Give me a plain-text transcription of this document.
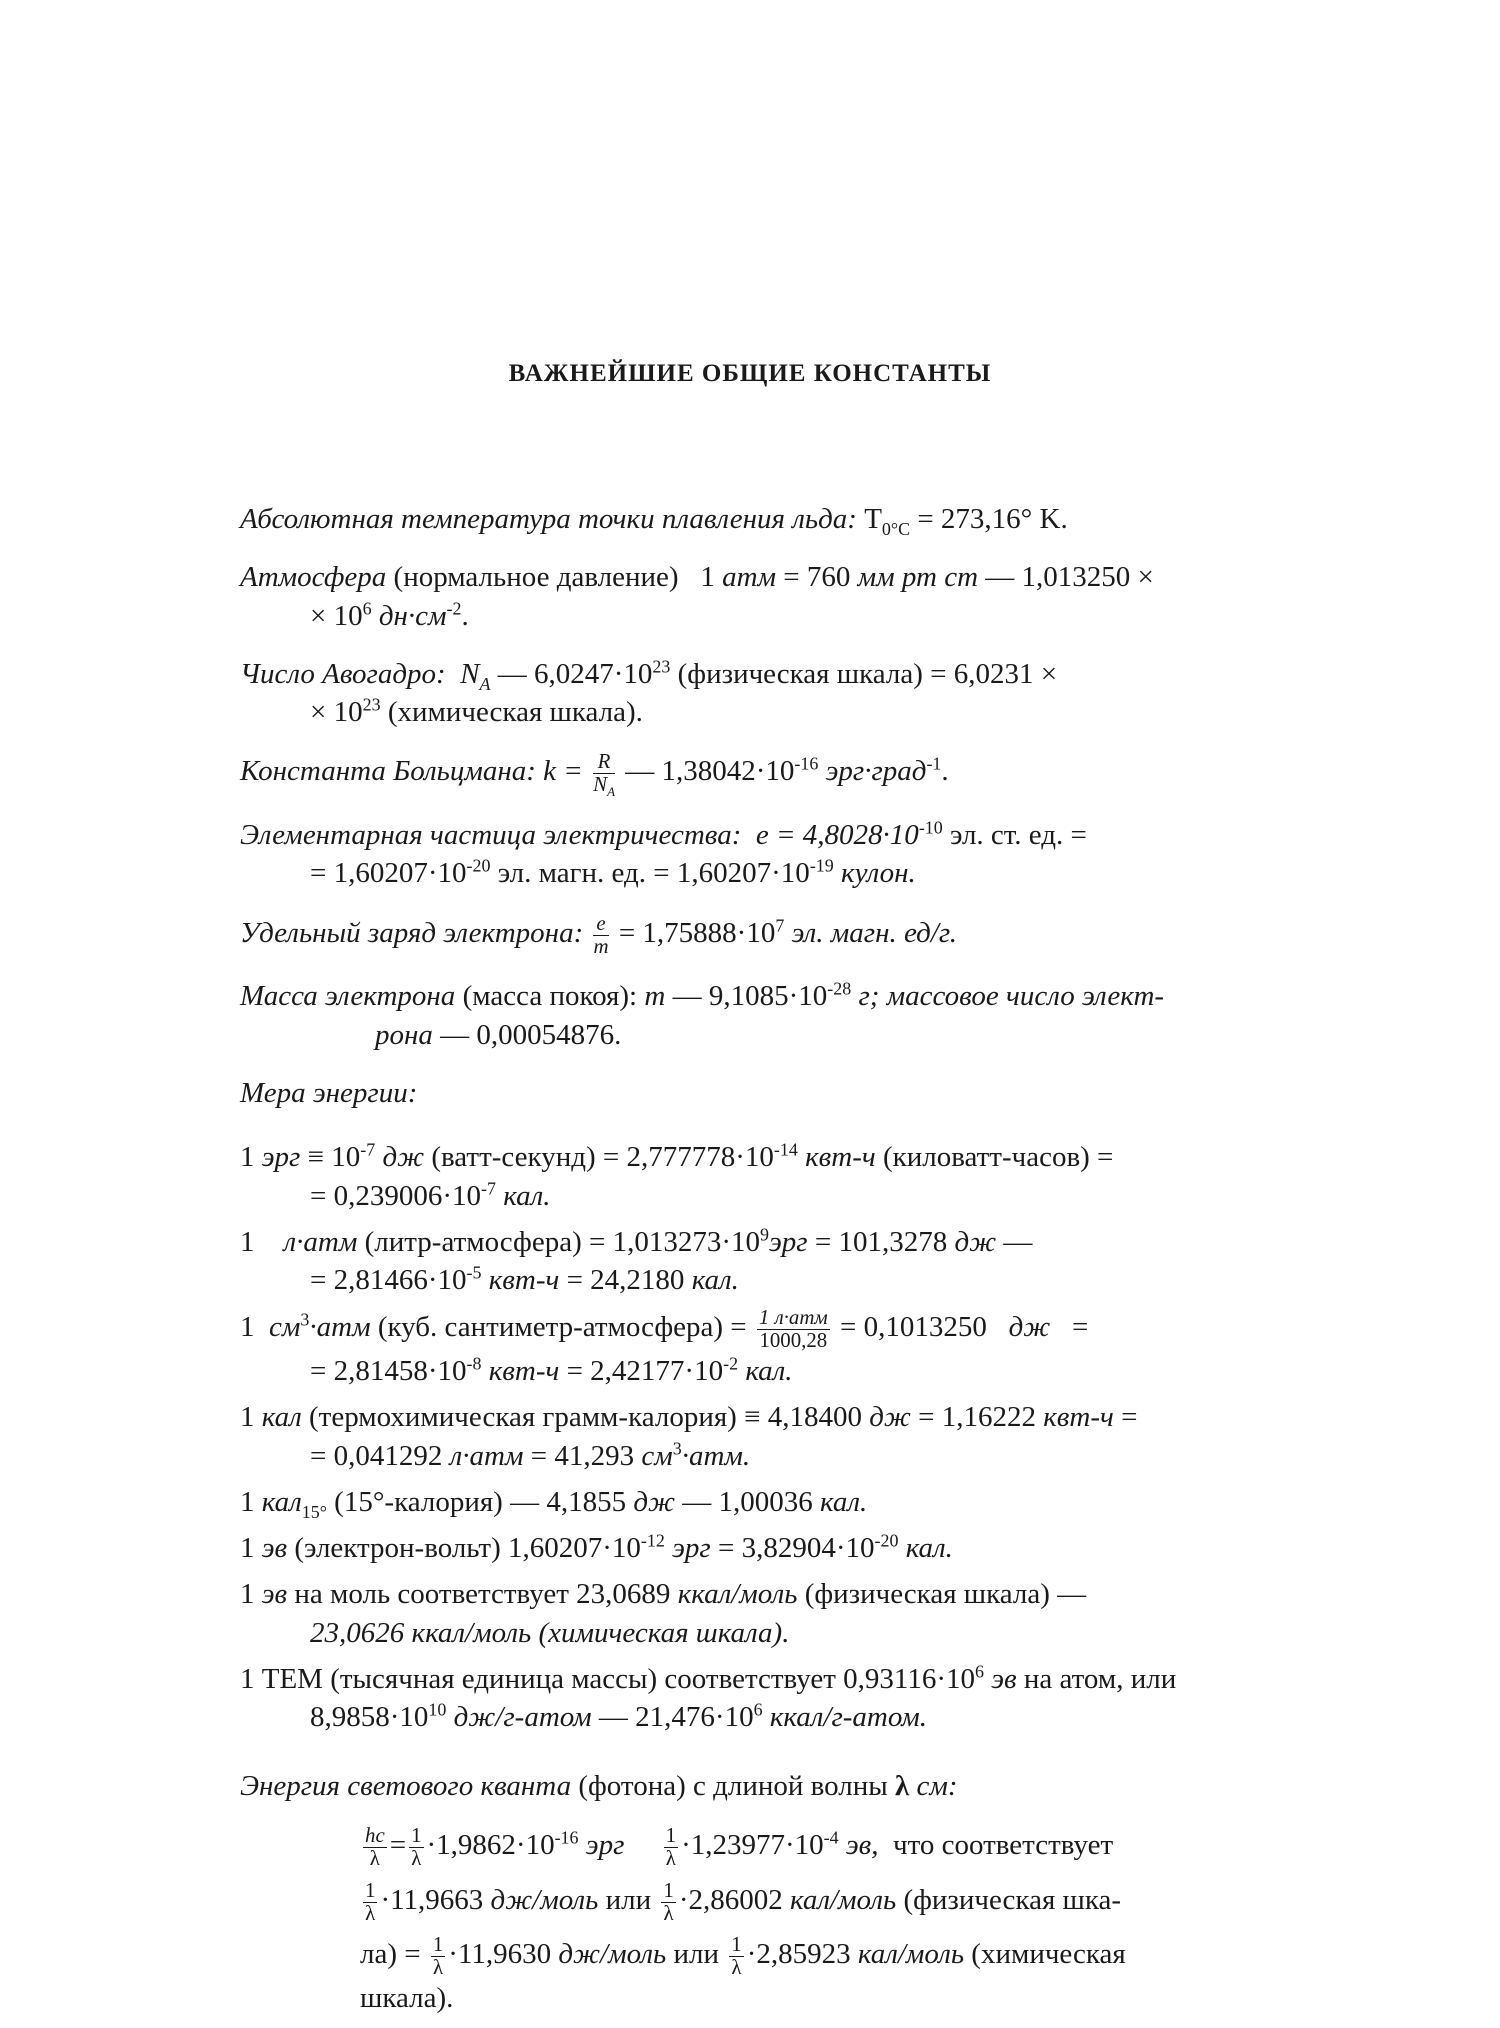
ВАЖНЕЙШИЕ ОБЩИЕ КОНСТАНТЫ
Абсолютная температура точки плавления льда: $T_{0^\circ C} = 273,16^\circ$ K.
Атмосфера (нормальное давление) 1 атм = 760 мм рт ст — 1,013250 ×
× $10^6$ $дн\cdot см^{-2}$.
Число Авогадро: $N_A$ — $6,0247\cdot 10^{23}$ (физическая шкала) = 6,0231 ×
× $10^{23}$ (химическая шкала).
Константа Больцмана: $k = \frac{R}{N_A}$ — $1,38042\cdot 10^{-16}$ эрг·град$^{-1}$.
Элементарная частица электричества: $e = 4,8028\cdot 10^{-10}$ эл. ст. ед. =
= $1,60207\cdot 10^{-20}$ эл. магн. ед. = $1,60207\cdot 10^{-19}$ кулон.
Удельный заряд электрона: $\frac{e}{m} = 1,75888\cdot 10^7$ эл. магн. ед/г.
Масса электрона (масса покоя): m — $9,1085\cdot 10^{-28}$ г; массовое число элект-
рона — 0,00054876.
Мера энергии:
1 эрг ≡ $10^{-7}$ дж (ватт-секунд) = $2,777778\cdot 10^{-14}$ квт-ч (киловатт-часов) =
= $0,239006\cdot 10^{-7}$ кал.
1 л·атм (литр-атмосфера) = $1,013273\cdot 10^9эрг = 101,3278$ дж —
= $2,81466\cdot 10^{-5}$ квт-ч = 24,2180 кал.
1 $см^3\cdot атм$ (куб. сантиметр-атмосфера) = $\frac{\text{1 л·атм}}{1000,28} = 0,1013250$ дж =
= $2,81458\cdot 10^{-8}$ $квт-ч = 2,42177\cdot 10^{-2}$ кал.
1 кал (термохимическая грамм-калория) ≡ 4,18400 дж = 1,16222 квт-ч =
= 0,041292 л·атм = 41,293 $см^3\cdot атм$.
1 кал$_{15^\circ}$ (15°-калория) — 4,1855 дж — 1,00036 кал.
1 эв (электрон-вольт) $1,60207\cdot 10^{-12}$ эрг = $3,82904\cdot 10^{-20}$ кал.
1 эв на моль соответствует 23,0689 ккал/моль (физическая шкала) —
23,0626 ккал/моль (химическая шкала).
1 ТЕМ (тысячная единица массы) соответствует $0,93116\cdot 10^6$ эв на атом, или
$8,9858\cdot 10^{10}$ дж/г-атом — $21,476\cdot 10^6$ ккал/г-атом.
Энергия светового кванта (фотона) с длиной волны λ см:
$\frac{hc}{\lambda} = \frac{1}{\lambda} \cdot 1,9862\cdot 10^{-16}$ эрг $\frac{1}{\lambda} \cdot 1,23977\cdot 10^{-4}$ эв, что соответствует
$\frac{1}{\lambda} \cdot 11,9663$ дж/моль или $\frac{1}{\lambda} \cdot 2,86002$ кал/моль (физическая шка-
$ла) = \frac{1}{\lambda} \cdot 11,9630$ дж/моль или $\frac{1}{\lambda} \cdot 2,85923$ кал/моль (химическая
шкала).
